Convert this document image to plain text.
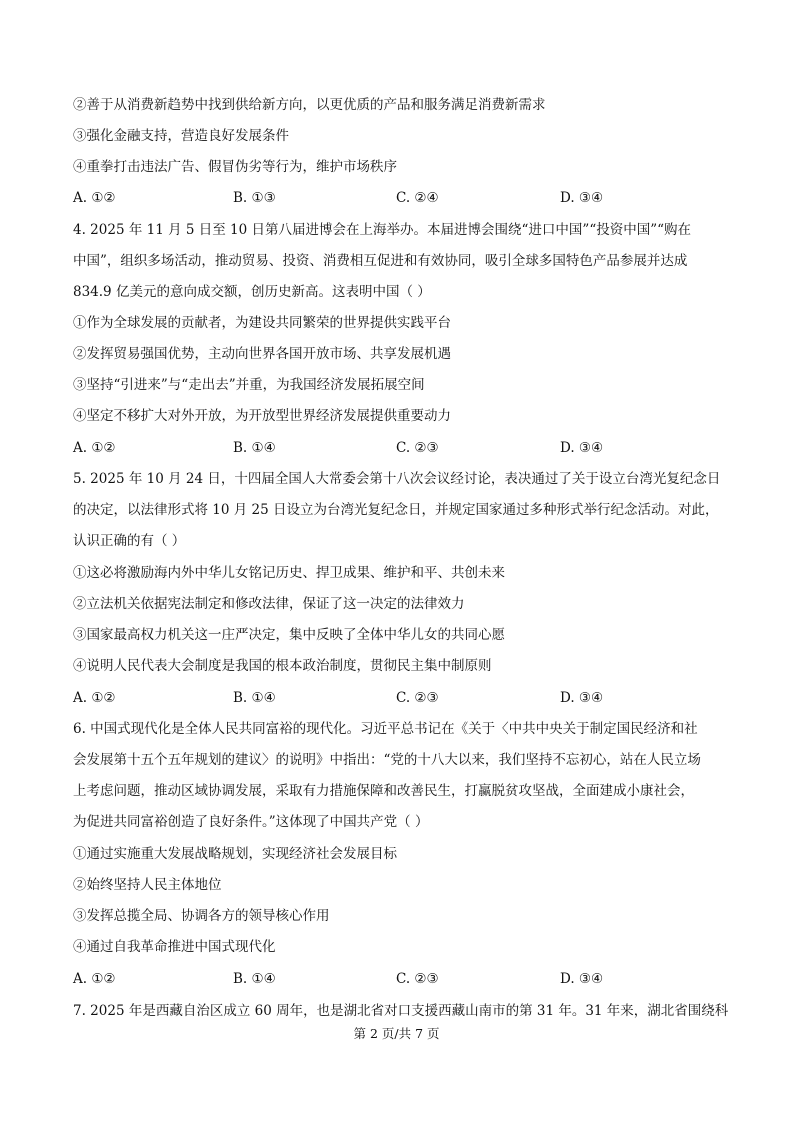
②善于从消费新趋势中找到供给新方向，以更优质的产品和服务满足消费新需求
③强化金融支持，营造良好发展条件
④重拳打击违法广告、假冒伪劣等行为，维护市场秩序
A. ①②	B. ①③	C. ②④	D. ③④
4. 2025 年 11 月 5 日至 10 日第八届进博会在上海举办。本届进博会围绕“进口中国”“投资中国”“购在
中国”，组织多场活动，推动贸易、投资、消费相互促进和有效协同，吸引全球多国特色产品参展并达成
834.9 亿美元的意向成交额，创历史新高。这表明中国（ ）
①作为全球发展的贡献者，为建设共同繁荣的世界提供实践平台
②发挥贸易强国优势，主动向世界各国开放市场、共享发展机遇
③坚持“引进来”与“走出去”并重，为我国经济发展拓展空间
④坚定不移扩大对外开放，为开放型世界经济发展提供重要动力
A. ①②	B. ①④	C. ②③	D. ③④
5. 2025 年 10 月 24 日，十四届全国人大常委会第十八次会议经讨论，表决通过了关于设立台湾光复纪念日
的决定，以法律形式将 10 月 25 日设立为台湾光复纪念日，并规定国家通过多种形式举行纪念活动。对此，
认识正确的有（ ）
①这必将激励海内外中华儿女铭记历史、捍卫成果、维护和平、共创未来
②立法机关依据宪法制定和修改法律，保证了这一决定的法律效力
③国家最高权力机关这一庄严决定，集中反映了全体中华儿女的共同心愿
④说明人民代表大会制度是我国的根本政治制度，贯彻民主集中制原则
A. ①②	B. ①④	C. ②③	D. ③④
6. 中国式现代化是全体人民共同富裕的现代化。习近平总书记在《关于〈中共中央关于制定国民经济和社
会发展第十五个五年规划的建议〉的说明》中指出：“党的十八大以来，我们坚持不忘初心，站在人民立场
上考虑问题，推动区域协调发展，采取有力措施保障和改善民生，打赢脱贫攻坚战，全面建成小康社会，
为促进共同富裕创造了良好条件。”这体现了中国共产党（ ）
①通过实施重大发展战略规划，实现经济社会发展目标
②始终坚持人民主体地位
③发挥总揽全局、协调各方的领导核心作用
④通过自我革命推进中国式现代化
A. ①②	B. ①④	C. ②③	D. ③④
7. 2025 年是西藏自治区成立 60 周年，也是湖北省对口支援西藏山南市的第 31 年。31 年来，湖北省围绕科
第 2 页/共 7 页
